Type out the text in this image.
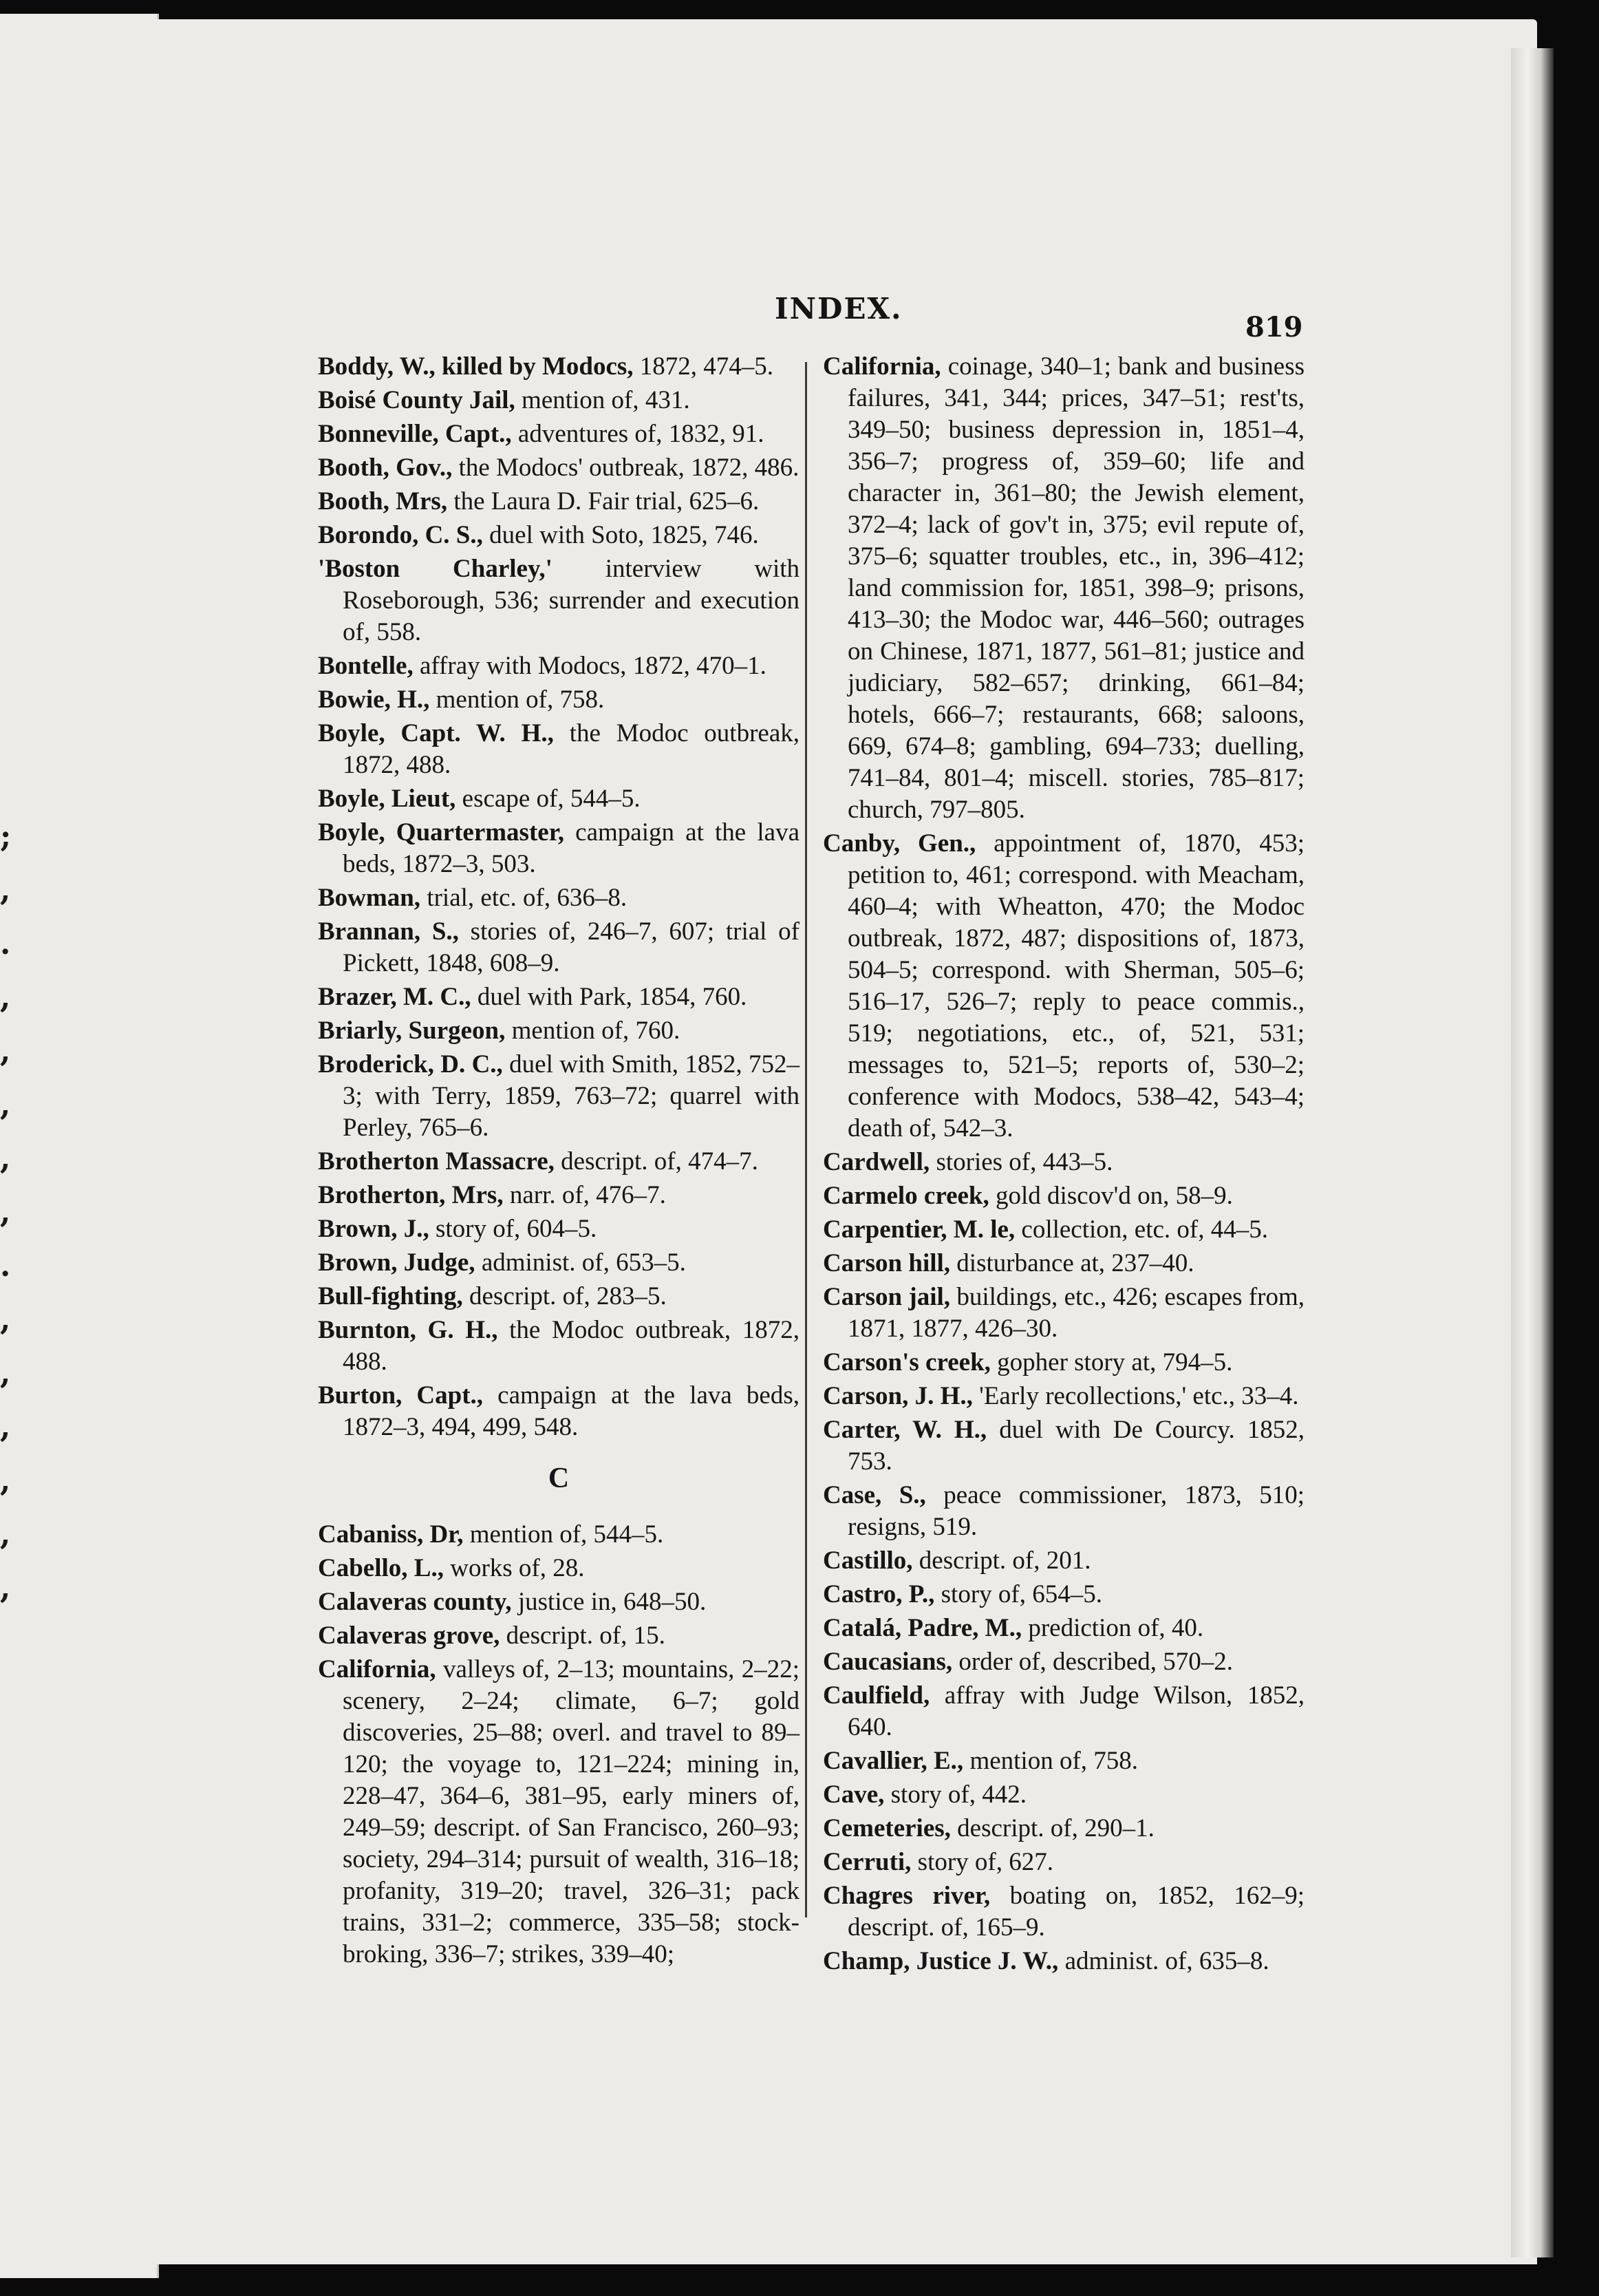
;
,
.
,
,
,
,
,
.
,
,
,
,
,
,
INDEX.
819
Boddy, W., killed by Modocs, 1872, 474–5.
Boisé County Jail, mention of, 431.
Bonneville, Capt., adventures of, 1832, 91.
Booth, Gov., the Modocs' outbreak, 1872, 486.
Booth, Mrs, the Laura D. Fair trial, 625–6.
Borondo, C. S., duel with Soto, 1825, 746.
'Boston Charley,' interview with Roseborough, 536; surrender and execution of, 558.
Bontelle, affray with Modocs, 1872, 470–1.
Bowie, H., mention of, 758.
Boyle, Capt. W. H., the Modoc outbreak, 1872, 488.
Boyle, Lieut, escape of, 544–5.
Boyle, Quartermaster, campaign at the lava beds, 1872–3, 503.
Bowman, trial, etc. of, 636–8.
Brannan, S., stories of, 246–7, 607; trial of Pickett, 1848, 608–9.
Brazer, M. C., duel with Park, 1854, 760.
Briarly, Surgeon, mention of, 760.
Broderick, D. C., duel with Smith, 1852, 752–3; with Terry, 1859, 763–72; quarrel with Perley, 765–6.
Brotherton Massacre, descript. of, 474–7.
Brotherton, Mrs, narr. of, 476–7.
Brown, J., story of, 604–5.
Brown, Judge, administ. of, 653–5.
Bull-fighting, descript. of, 283–5.
Burnton, G. H., the Modoc outbreak, 1872, 488.
Burton, Capt., campaign at the lava beds, 1872–3, 494, 499, 548.
C
Cabaniss, Dr, mention of, 544–5.
Cabello, L., works of, 28.
Calaveras county, justice in, 648–50.
Calaveras grove, descript. of, 15.
California, valleys of, 2–13; mountains, 2–22; scenery, 2–24; climate, 6–7; gold discoveries, 25–88; overl. and travel to 89–120; the voyage to, 121–224; mining in, 228–47, 364–6, 381–95, early miners of, 249–59; descript. of San Francisco, 260–93; society, 294–314; pursuit of wealth, 316–18; profanity, 319–20; travel, 326–31; pack trains, 331–2; commerce, 335–58; stock-broking, 336–7; strikes, 339–40;
California, coinage, 340–1; bank and business failures, 341, 344; prices, 347–51; rest'ts, 349–50; business depression in, 1851–4, 356–7; progress of, 359–60; life and character in, 361–80; the Jewish element, 372–4; lack of gov't in, 375; evil repute of, 375–6; squatter troubles, etc., in, 396–412; land commission for, 1851, 398–9; prisons, 413–30; the Modoc war, 446–560; outrages on Chinese, 1871, 1877, 561–81; justice and judiciary, 582–657; drinking, 661–84; hotels, 666–7; restaurants, 668; saloons, 669, 674–8; gambling, 694–733; duelling, 741–84, 801–4; miscell. stories, 785–817; church, 797–805.
Canby, Gen., appointment of, 1870, 453; petition to, 461; correspond. with Meacham, 460–4; with Wheatton, 470; the Modoc outbreak, 1872, 487; dispositions of, 1873, 504–5; correspond. with Sherman, 505–6; 516–17, 526–7; reply to peace commis., 519; negotiations, etc., of, 521, 531; messages to, 521–5; reports of, 530–2; conference with Modocs, 538–42, 543–4; death of, 542–3.
Cardwell, stories of, 443–5.
Carmelo creek, gold discov'd on, 58–9.
Carpentier, M. le, collection, etc. of, 44–5.
Carson hill, disturbance at, 237–40.
Carson jail, buildings, etc., 426; escapes from, 1871, 1877, 426–30.
Carson's creek, gopher story at, 794–5.
Carson, J. H., 'Early recollections,' etc., 33–4.
Carter, W. H., duel with De Courcy. 1852, 753.
Case, S., peace commissioner, 1873, 510; resigns, 519.
Castillo, descript. of, 201.
Castro, P., story of, 654–5.
Catalá, Padre, M., prediction of, 40.
Caucasians, order of, described, 570–2.
Caulfield, affray with Judge Wilson, 1852, 640.
Cavallier, E., mention of, 758.
Cave, story of, 442.
Cemeteries, descript. of, 290–1.
Cerruti, story of, 627.
Chagres river, boating on, 1852, 162–9; descript. of, 165–9.
Champ, Justice J. W., administ. of, 635–8.
